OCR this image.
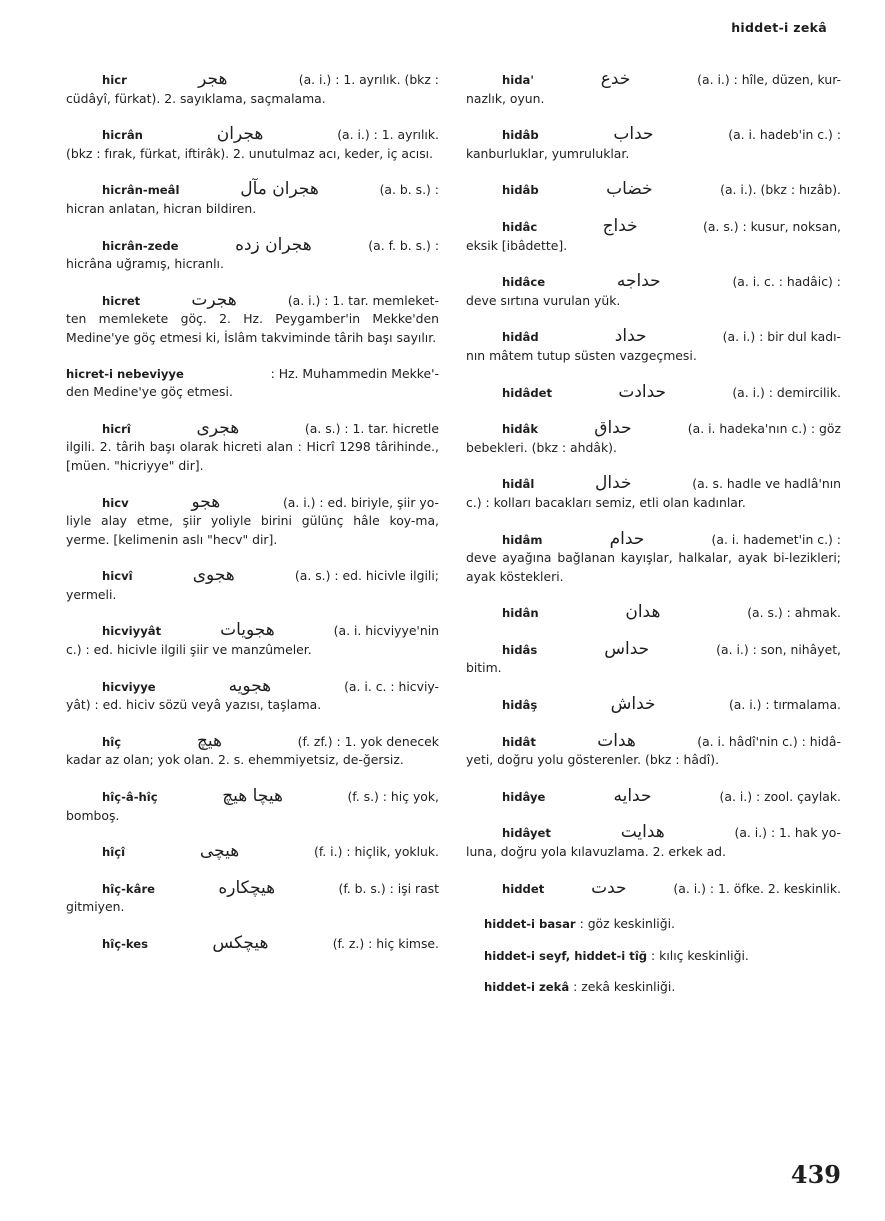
hiddet-i zekâ
hicr	هجر	(a. i.) : 1. ayrılık. (bkz :
cüdâyî, fürkat). 2. sayıklama, saçmalama.
hicrân	هجران	(a. i.) : 1. ayrılık.
(bkz : fırak, fürkat, iftirâk). 2. unutulmaz acı, keder, iç acısı.
hicrân-meâl	هجران مآل	(a. b. s.) :
hicran anlatan, hicran bildiren.
hicrân-zede	هجران زده	(a. f. b. s.) :
hicrâna uğramış, hicranlı.
hicret	هجرت	(a. i.) : 1. tar. memleket-
ten memlekete göç. 2. Hz. Peygamber'in Mekke'den Medine'ye göç etmesi ki, İslâm takviminde târih başı sayılır.
hicret-i nebeviyye	: Hz. Muhammedin Mekke'-
den Medine'ye göç etmesi.
hicrî	هجرى	(a. s.) : 1. tar. hicretle
ilgili. 2. târih başı olarak hicreti alan : Hicrî 1298 târihinde., [müen. "hicriyye" dir].
hicv	هجو	(a. i.) : ed. biriyle, şiir yo-
liyle alay etme, şiir yoliyle birini gülünç hâle koy-ma, yerme. [kelimenin aslı "hecv" dir].
hicvî	هجوى	(a. s.) : ed. hicivle ilgili;
yermeli.
hicviyyât	هجويات	(a. i. hicviyye'nin
c.) : ed. hicivle ilgili şiir ve manzûmeler.
hicviyye	هجويه	(a. i. c. : hicviy-
yât) : ed. hiciv sözü veyâ yazısı, taşlama.
hîç	هيچ	(f. zf.) : 1. yok denecek
kadar az olan; yok olan. 2. s. ehemmiyetsiz, de-ğersiz.
hîç-â-hîç	هيچا هيچ	(f. s.) : hiç yok,
bomboş.
hîçî	هيچى	(f. i.) : hiçlik, yokluk.
hîç-kâre	هيچكاره	(f. b. s.) : işi rast
gitmiyen.
hîç-kes	هيچكس	(f. z.) : hiç kimse.
hida'	خدع	(a. i.) : hîle, düzen, kur-
nazlık, oyun.
hidâb	حداب	(a. i. hadeb'in c.) :
kanburluklar, yumruluklar.
hidâb	خضاب	(a. i.). (bkz : hızâb).
hidâc	خداج	(a. s.) : kusur, noksan,
eksik [ibâdette].
hidâce	حداجه	(a. i. c. : hadâic) :
deve sırtına vurulan yük.
hidâd	حداد	(a. i.) : bir dul kadı-
nın mâtem tutup süsten vazgeçmesi.
hidâdet	حدادت	(a. i.) : demircilik.
hidâk	حداق	(a. i. hadeka'nın c.) : göz
bebekleri. (bkz : ahdâk).
hidâl	خدال	(a. s. hadle ve hadlâ'nın
c.) : kolları bacakları semiz, etli olan kadınlar.
hidâm	حدام	(a. i. hademet'in c.) :
deve ayağına bağlanan kayışlar, halkalar, ayak bi-lezikleri; ayak köstekleri.
hidân	هدان	(a. s.) : ahmak.
hidâs	حداس	(a. i.) : son, nihâyet,
bitim.
hidâş	خداش	(a. i.) : tırmalama.
hidât	هدات	(a. i. hâdî'nin c.) : hidâ-
yeti, doğru yolu gösterenler. (bkz : hâdî).
hidâye	حدايه	(a. i.) : zool. çaylak.
hidâyet	هدايت	(a. i.) : 1. hak yo-
luna, doğru yola kılavuzlama. 2. erkek ad.
hiddet	حدت	(a. i.) : 1. öfke. 2. keskinlik.
hiddet-i basar : göz keskinliği.
hiddet-i seyf, hiddet-i tîğ : kılıç keskinliği.
hiddet-i zekâ : zekâ keskinliği.
439
